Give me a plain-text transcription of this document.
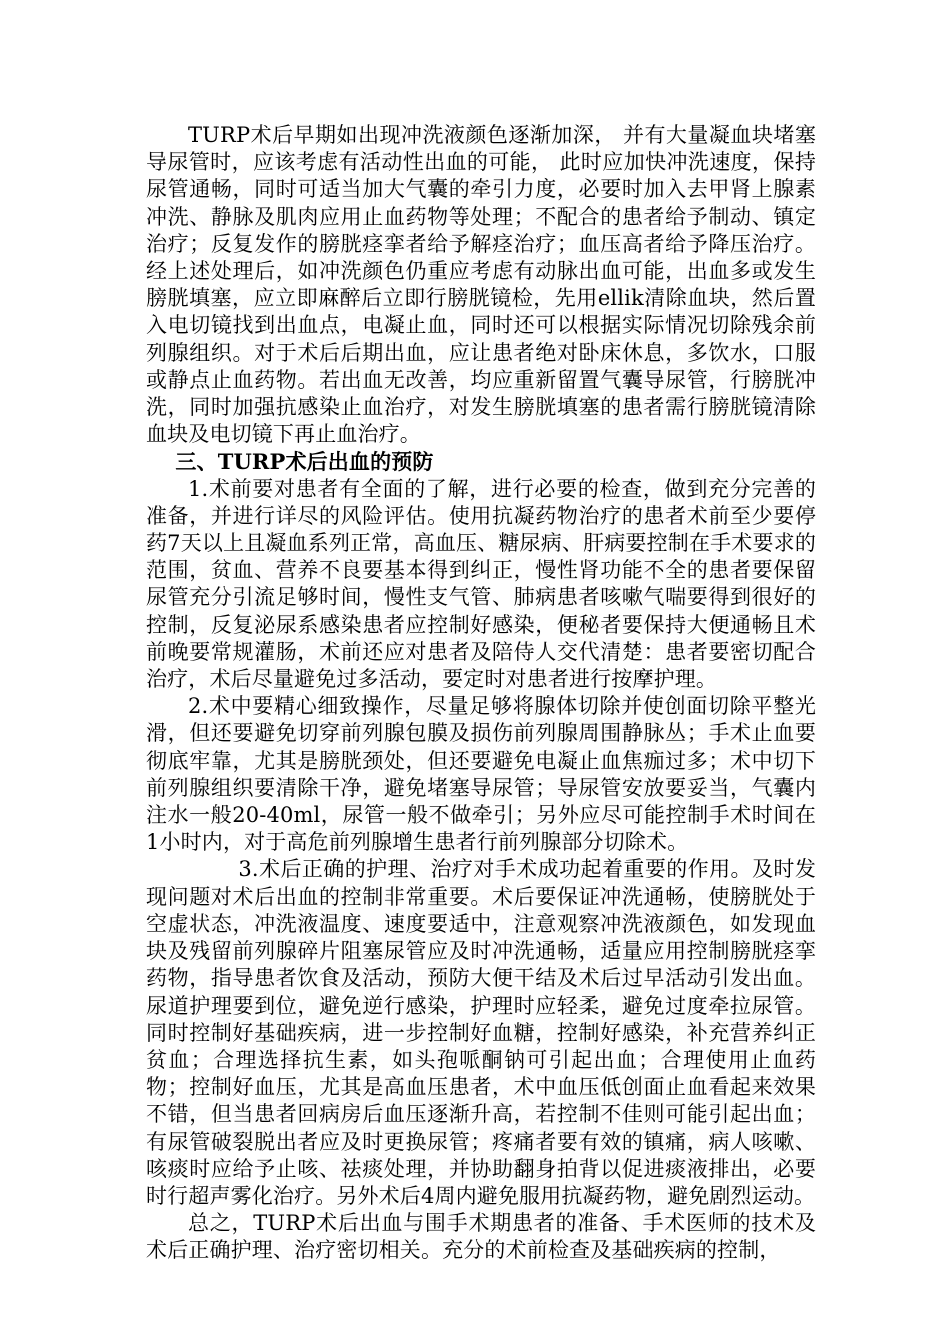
TURP术后早期如出现冲洗液颜色逐渐加深， 并有大量凝血块堵塞导尿管时，应该考虑有活动性出血的可能， 此时应加快冲洗速度，保持尿管通畅，同时可适当加大气囊的牵引力度，必要时加入去甲肾上腺素冲洗、静脉及肌肉应用止血药物等处理；不配合的患者给予制动、镇定治疗；反复发作的膀胱痉挛者给予解痉治疗；血压高者给予降压治疗。经上述处理后，如冲洗颜色仍重应考虑有动脉出血可能，出血多或发生膀胱填塞，应立即麻醉后立即行膀胱镜检，先用ellik清除血块，然后置入电切镜找到出血点，电凝止血，同时还可以根据实际情况切除残余前列腺组织。对于术后后期出血，应让患者绝对卧床休息，多饮水，口服或静点止血药物。若出血无改善，均应重新留置气囊导尿管，行膀胱冲洗，同时加强抗感染止血治疗，对发生膀胱填塞的患者需行膀胱镜清除血块及电切镜下再止血治疗。

三、TURP术后出血的预防

1.术前要对患者有全面的了解，进行必要的检查，做到充分完善的准备，并进行详尽的风险评估。使用抗凝药物治疗的患者术前至少要停药7天以上且凝血系列正常，高血压、糖尿病、肝病要控制在手术要求的范围，贫血、营养不良要基本得到纠正，慢性肾功能不全的患者要保留尿管充分引流足够时间，慢性支气管、肺病患者咳嗽气喘要得到很好的控制，反复泌尿系感染患者应控制好感染，便秘者要保持大便通畅且术前晚要常规灌肠，术前还应对患者及陪侍人交代清楚：患者要密切配合治疗，术后尽量避免过多活动，要定时对患者进行按摩护理。

2.术中要精心细致操作，尽量足够将腺体切除并使创面切除平整光滑，但还要避免切穿前列腺包膜及损伤前列腺周围静脉丛；手术止血要彻底牢靠，尤其是膀胱颈处，但还要避免电凝止血焦痂过多；术中切下前列腺组织要清除干净，避免堵塞导尿管；导尿管安放要妥当，气囊内注水一般20-40ml，尿管一般不做牵引；另外应尽可能控制手术时间在1小时内，对于高危前列腺增生患者行前列腺部分切除术。

3.术后正确的护理、治疗对手术成功起着重要的作用。及时发现问题对术后出血的控制非常重要。术后要保证冲洗通畅，使膀胱处于空虚状态，冲洗液温度、速度要适中，注意观察冲洗液颜色，如发现血块及残留前列腺碎片阻塞尿管应及时冲洗通畅，适量应用控制膀胱痉挛药物，指导患者饮食及活动，预防大便干结及术后过早活动引发出血。尿道护理要到位，避免逆行感染，护理时应轻柔，避免过度牵拉尿管。同时控制好基础疾病，进一步控制好血糖，控制好感染，补充营养纠正贫血；合理选择抗生素，如头孢哌酮钠可引起出血；合理使用止血药物；控制好血压，尤其是高血压患者，术中血压低创面止血看起来效果不错，但当患者回病房后血压逐渐升高，若控制不佳则可能引起出血；有尿管破裂脱出者应及时更换尿管；疼痛者要有效的镇痛，病人咳嗽、咳痰时应给予止咳、祛痰处理，并协助翻身拍背以促进痰液排出，必要时行超声雾化治疗。另外术后4周内避免服用抗凝药物，避免剧烈运动。

总之，TURP术后出血与围手术期患者的准备、手术医师的技术及术后正确护理、治疗密切相关。充分的术前检查及基础疾病的控制，
